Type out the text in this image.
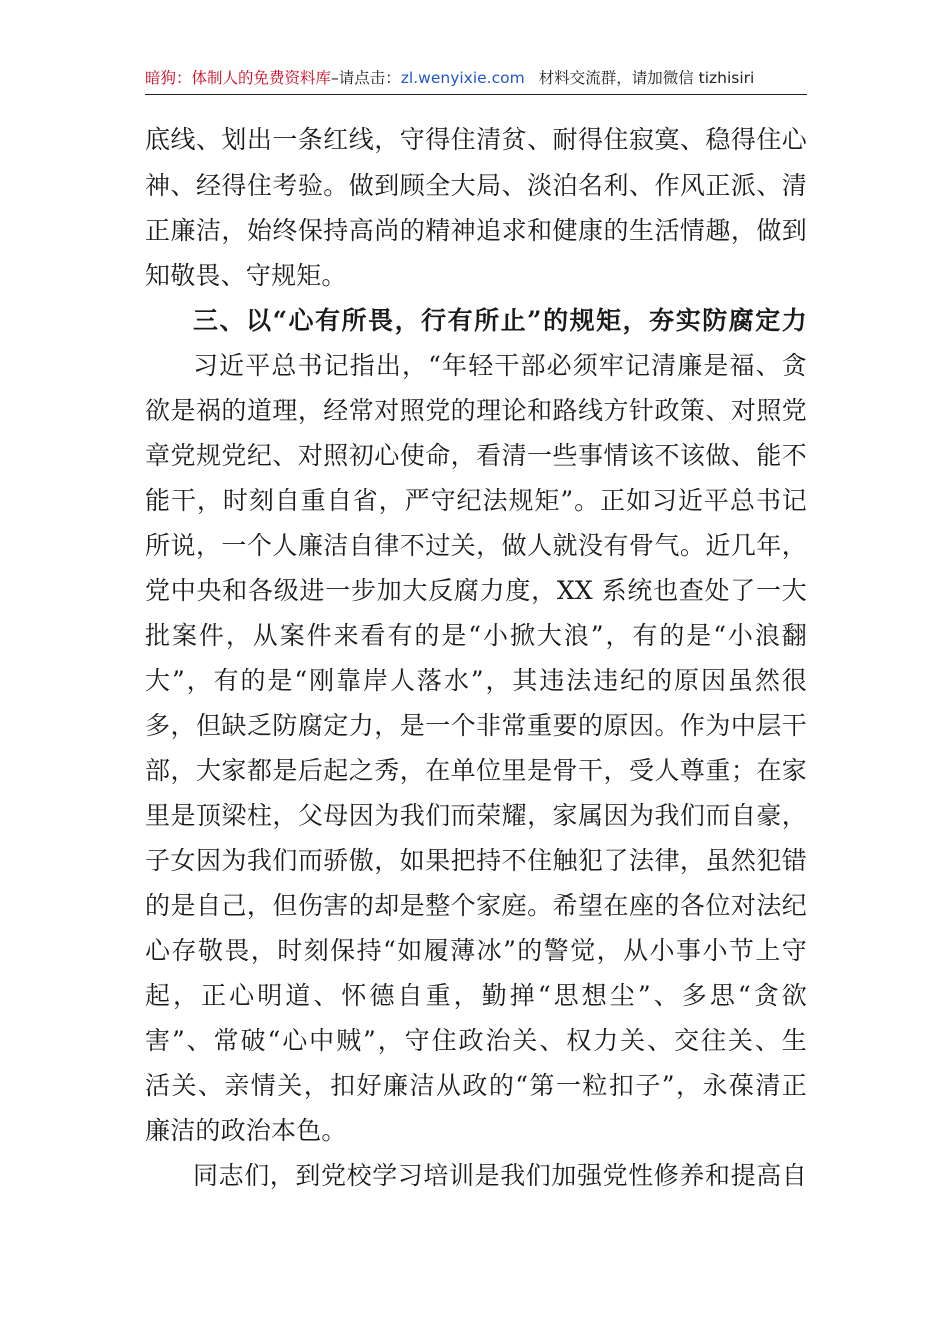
暗狗：体制人的免费资料库 –请点击： zl.wenyixie.com 材料交流群，请加微信 tizhisiri
底线、划出一条红线，守得住清贫、耐得住寂寞、稳得住心
神、经得住考验。做到顾全大局、淡泊名利、作风正派、清
正廉洁，始终保持高尚的精神追求和健康的生活情趣，做到
知敬畏、守规矩。
三、以“心有所畏，行有所止”的规矩，夯实防腐定力
习近平总书记指出，“年轻干部必须牢记清廉是福、贪
欲是祸的道理，经常对照党的理论和路线方针政策、对照党
章党规党纪、对照初心使命，看清一些事情该不该做、能不
能干，时刻自重自省，严守纪法规矩”。正如习近平总书记
所说，一个人廉洁自律不过关，做人就没有骨气。近几年，
党中央和各级进一步加大反腐力度，XX 系统也查处了一大
批案件，从案件来看有的是“小掀大浪”，有的是“小浪翻
大”，有的是“刚靠岸人落水”，其违法违纪的原因虽然很
多，但缺乏防腐定力，是一个非常重要的原因。作为中层干
部，大家都是后起之秀，在单位里是骨干，受人尊重；在家
里是顶梁柱，父母因为我们而荣耀，家属因为我们而自豪，
子女因为我们而骄傲，如果把持不住触犯了法律，虽然犯错
的是自己，但伤害的却是整个家庭。希望在座的各位对法纪
心存敬畏，时刻保持“如履薄冰”的警觉，从小事小节上守
起，正心明道、怀德自重，勤掸“思想尘”、多思“贪欲
害”、常破“心中贼”，守住政治关、权力关、交往关、生
活关、亲情关，扣好廉洁从政的“第一粒扣子”，永葆清正
廉洁的政治本色。
同志们，到党校学习培训是我们加强党性修养和提高自
